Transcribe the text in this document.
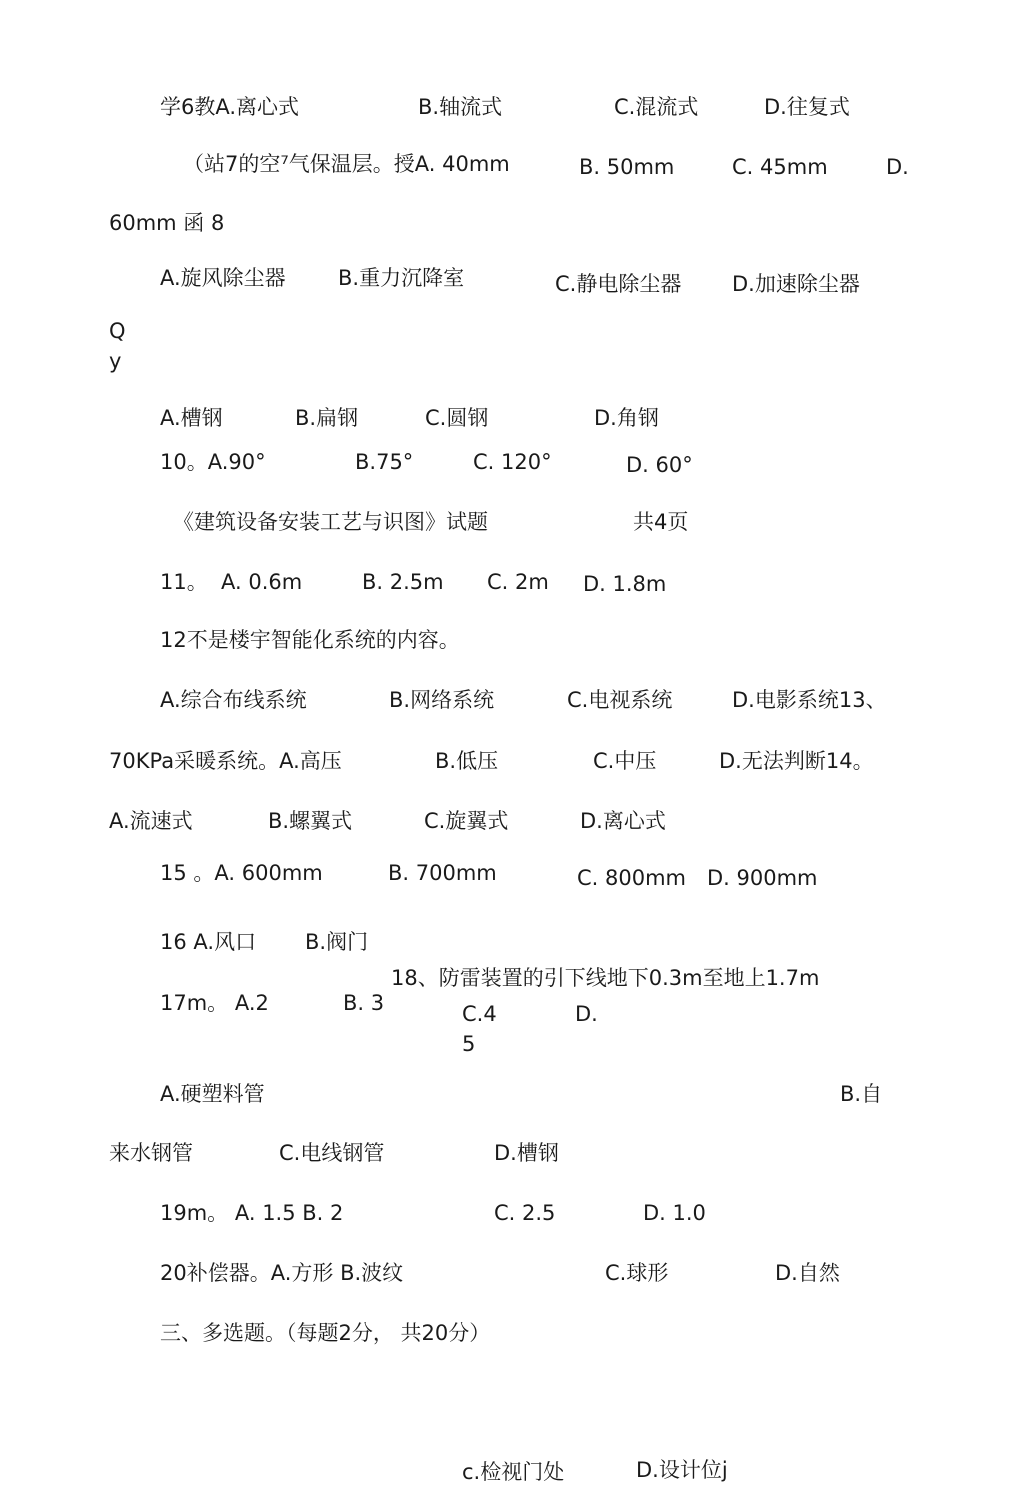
学6教A.离心式	B.轴流式	C.混流式	D.往复式
（站7的空⁷气保温层。授A. 40mm	B. 50mm	C. 45mm	D.
60mm 函 8
A.旋风除尘器 B.重力沉降室	C.静电除尘器 D.加速除尘器
Q
y
A.槽钢	B.扁钢	C.圆钢	D.角钢
10。A.90°	B.75°	C. 120°	D. 60°
《建筑设备安装工艺与识图》试题	共4页
11。 A. 0.6m	B. 2.5m C. 2m D. 1.8m
12不是楼宇智能化系统的内容。
A.综合布线系统	B.网络系统	C.电视系统	D.电影系统13、
70KPa采暖系统。A.高压	B.低压	C.中压	D.无法判断14。
A.流速式	B.螺翼式	C.旋翼式	D.离心式
15 。A. 600mm	B. 700mm	C. 800mm D. 900mm
16 A.风口 B.阀门
18、防雷装置的引下线地下0.3m至地上1.7m
17m。 A.2	B. 3	C.4	D.
5
A.硬塑料管	B.自
来水钢管	C.电线钢管	D.槽钢
19m。 A. 1.5 B. 2	C. 2.5	D. 1.0
20补偿器。A.方形 B.波纹	C.球形	D.自然
三、多选题。（每题2分， 共20分）
c.检视门处	D.设计位j
